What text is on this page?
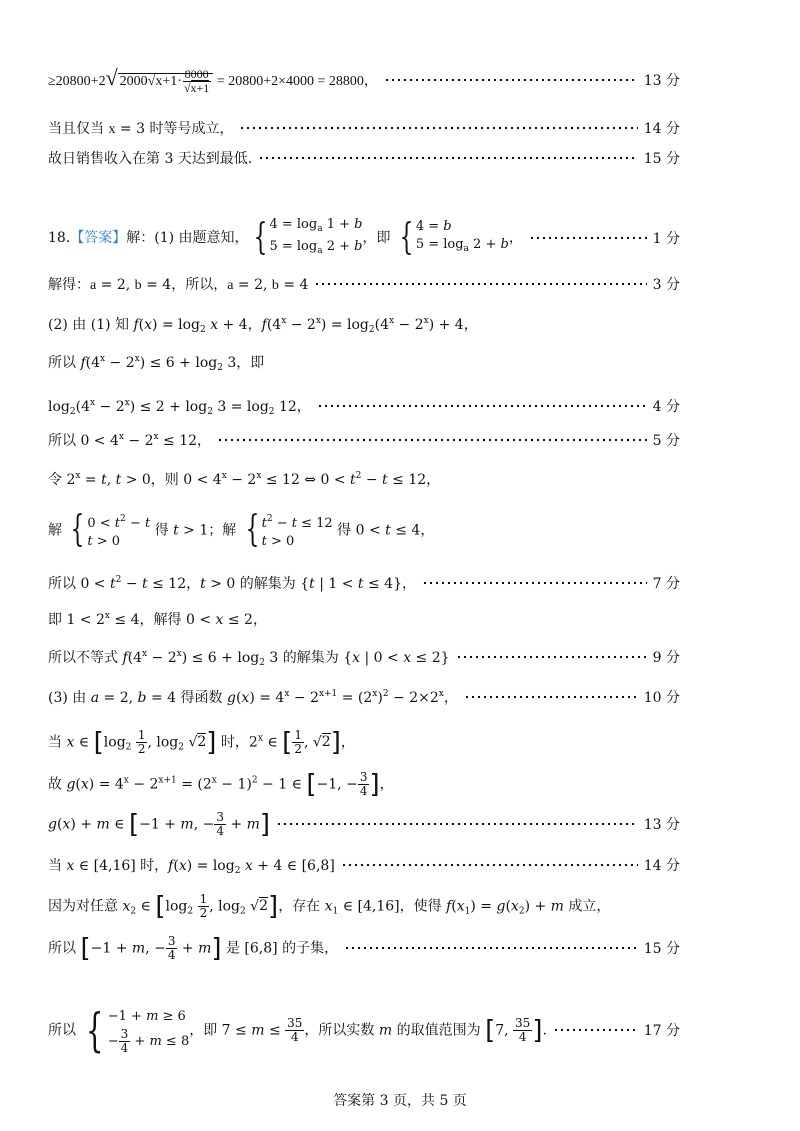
≥20800+2√ $2000√x+1\cdot \frac{8000}{√x+1} = 20800+2\times 4000 = 28800$，	13 分
当且仅当 x = 3 时等号成立，	14 分
故日销售收入在第 3 天达到最低.	15 分
18.【答案】解：(1) 由题意知， { $4 = \log_a 1 + b$
$5 = \log_a 2 + b$
，即 { 4 = b
$5 = \log_a 2 + b$ ，	1 分
解得：a = 2, b = 4，所以，a = 2, b = 4	3 分
(2) 由 (1) 知 $f(x) = \log_2 x + 4$，$f(4^x - 2^x) = \log_2(4^x - 2^x) + 4$，
所以 $f(4^x - 2^x) \le 6 + \log_2 3$，即
$\log_2(4^x - 2^x) \le 2 + \log_2 3 = \log_2 12$，	4 分
所以 $0 < 4^x - 2^x \le 12$，	5 分
令 $2^x = t$, t > 0，则 $0 < 4^x - 2^x \le 12$ ⇔ $0 < t^2 - t \le 12$，
解 { $0 < t^2 - t$
t > 0
得 t > 1；解 { $t^2 - t \le 12$
t > 0
得 0 < t ≤ 4，
所以 $0 < t^2 - t \le 12$，t > 0 的解集为 {t | 1 < t ≤ 4}，	7 分
即 $1 < 2^x \le 4$，解得 0 < x ≤ 2，
所以不等式 $f(4^x - 2^x) \le 6 + \log_2 3$ 的解集为 {x | 0 < x ≤ 2}	9 分
(3) 由 a = 2, b = 4 得函数 $g(x) = 4^x - 2^{x+1} = (2^x)^2 - 2\times 2^x$，	10 分
当 x ∈ [$\log_2 \frac{1}{2}$ , $\log_2 √2$] 时，2$^x$ ∈ [ $\frac{1}{2}$ , √2]，
故 $g(x) = 4^x - 2^{x+1} = (2^x - 1)^2 - 1$ ∈ [−1, − $\frac{3}{4}$ ]，
g(x) + m ∈ [−1 + m, − $\frac{3}{4} + m$]	13 分
当 x ∈ [4,16] 时，$f(x) = \log_2 x + 4$ ∈ [6,8]	14 分
因为对任意 $x_2$ ∈ [$\log_2 \frac{1}{2}$ , $\log_2 √2$]，存在 $x_1$ ∈ [4,16]，使得 $f(x_1) = g(x_2) + m$ 成立，
所以 [−1 + m, − $\frac{3}{4} + m$] 是 [6,8] 的子集，	15 分
所以 { −1 + m ≥ 6
− $\frac{3}{4} + m \le 8$
，即 $7 \le m \le \frac{35}{4}$ ，所以实数 m 的取值范围为 [7, $\frac{35}{4}$ ].	17 分
答案第 3 页，共 5 页
